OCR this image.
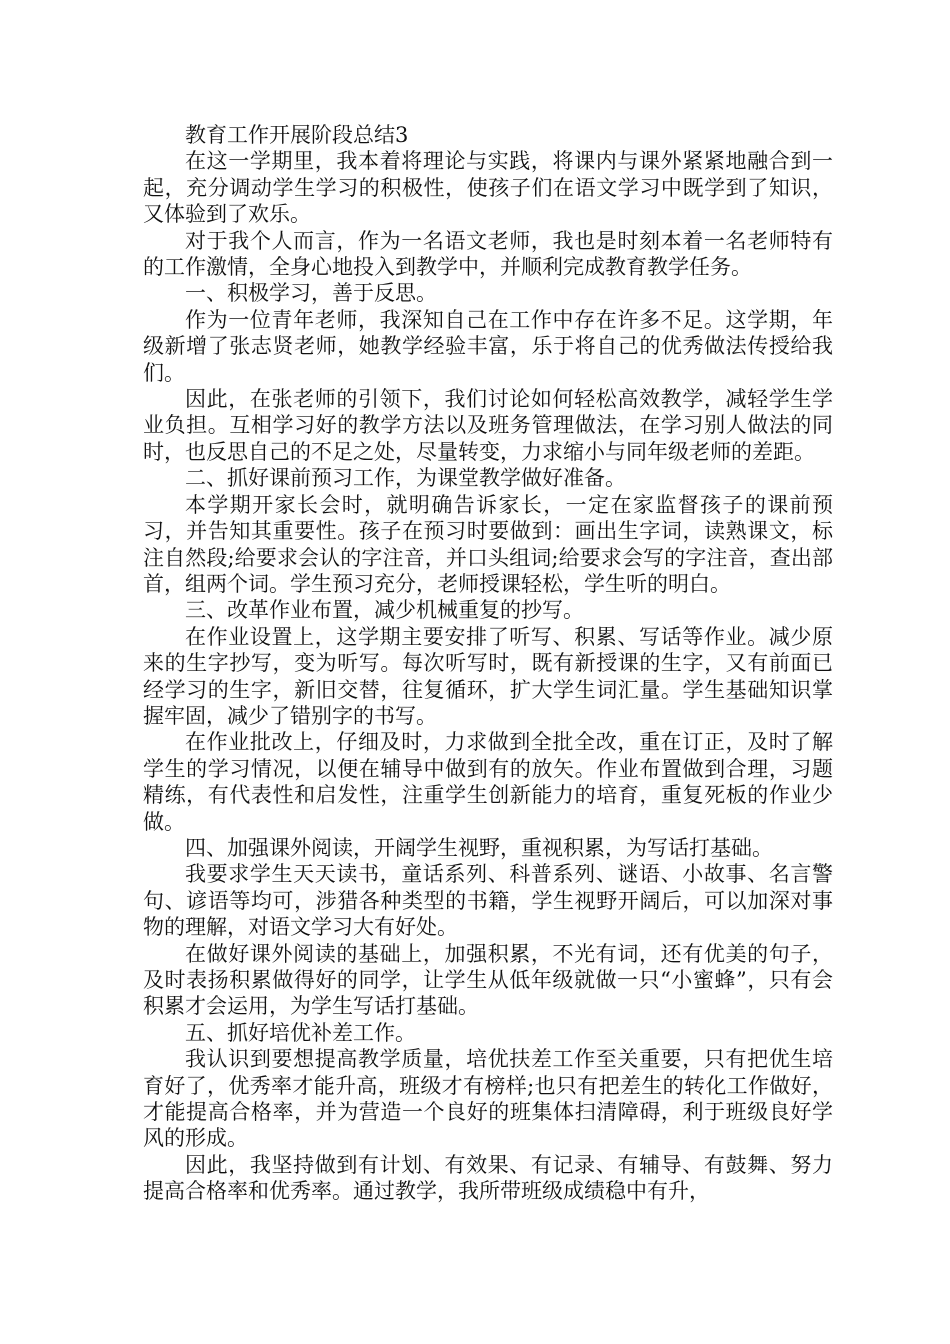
教育工作开展阶段总结3

在这一学期里，我本着将理论与实践，将课内与课外紧紧地融合到一起，充分调动学生学习的积极性，使孩子们在语文学习中既学到了知识，又体验到了欢乐。

对于我个人而言，作为一名语文老师，我也是时刻本着一名老师特有的工作激情，全身心地投入到教学中，并顺利完成教育教学任务。

一、积极学习，善于反思。

作为一位青年老师，我深知自己在工作中存在许多不足。这学期，年级新增了张志贤老师，她教学经验丰富，乐于将自己的优秀做法传授给我们。

因此，在张老师的引领下，我们讨论如何轻松高效教学，减轻学生学业负担。互相学习好的教学方法以及班务管理做法，在学习别人做法的同时，也反思自己的不足之处，尽量转变，力求缩小与同年级老师的差距。

二、抓好课前预习工作，为课堂教学做好准备。

本学期开家长会时，就明确告诉家长，一定在家监督孩子的课前预习，并告知其重要性。孩子在预习时要做到：画出生字词，读熟课文，标注自然段;给要求会认的字注音，并口头组词;给要求会写的字注音，查出部首，组两个词。学生预习充分，老师授课轻松，学生听的明白。

三、改革作业布置，减少机械重复的抄写。

在作业设置上，这学期主要安排了听写、积累、写话等作业。减少原来的生字抄写，变为听写。每次听写时，既有新授课的生字，又有前面已经学习的生字，新旧交替，往复循环，扩大学生词汇量。学生基础知识掌握牢固，减少了错别字的书写。

在作业批改上，仔细及时，力求做到全批全改，重在订正，及时了解学生的学习情况，以便在辅导中做到有的放矢。作业布置做到合理，习题精练，有代表性和启发性，注重学生创新能力的培育，重复死板的作业少做。

四、加强课外阅读，开阔学生视野，重视积累，为写话打基础。

我要求学生天天读书，童话系列、科普系列、谜语、小故事、名言警句、谚语等均可，涉猎各种类型的书籍，学生视野开阔后，可以加深对事物的理解，对语文学习大有好处。

在做好课外阅读的基础上，加强积累，不光有词，还有优美的句子，及时表扬积累做得好的同学，让学生从低年级就做一只“小蜜蜂”，只有会积累才会运用，为学生写话打基础。

五、抓好培优补差工作。

我认识到要想提高教学质量，培优扶差工作至关重要，只有把优生培育好了，优秀率才能升高，班级才有榜样;也只有把差生的转化工作做好，才能提高合格率，并为营造一个良好的班集体扫清障碍，利于班级良好学风的形成。

因此，我坚持做到有计划、有效果、有记录、有辅导、有鼓舞、努力提高合格率和优秀率。通过教学，我所带班级成绩稳中有升，
